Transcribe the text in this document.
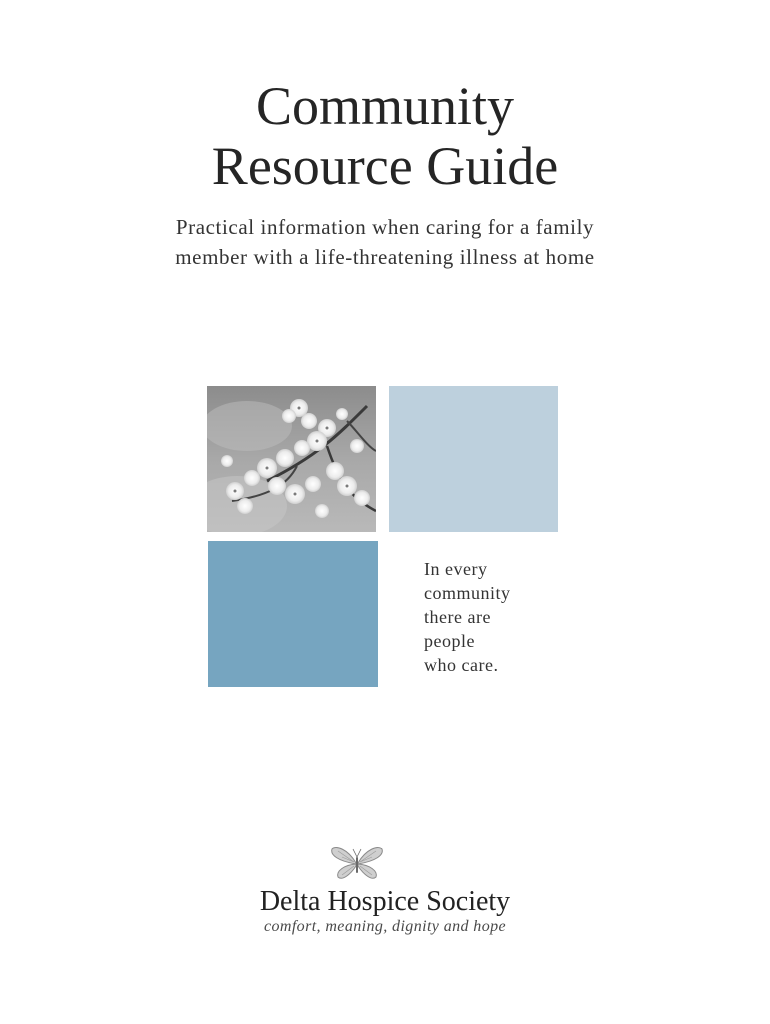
Community
Resource Guide
Practical information when caring for a family
member with a life-threatening illness at home
In every
community
there are
people
who care.
Delta Hospice Society
comfort, meaning, dignity and hope
